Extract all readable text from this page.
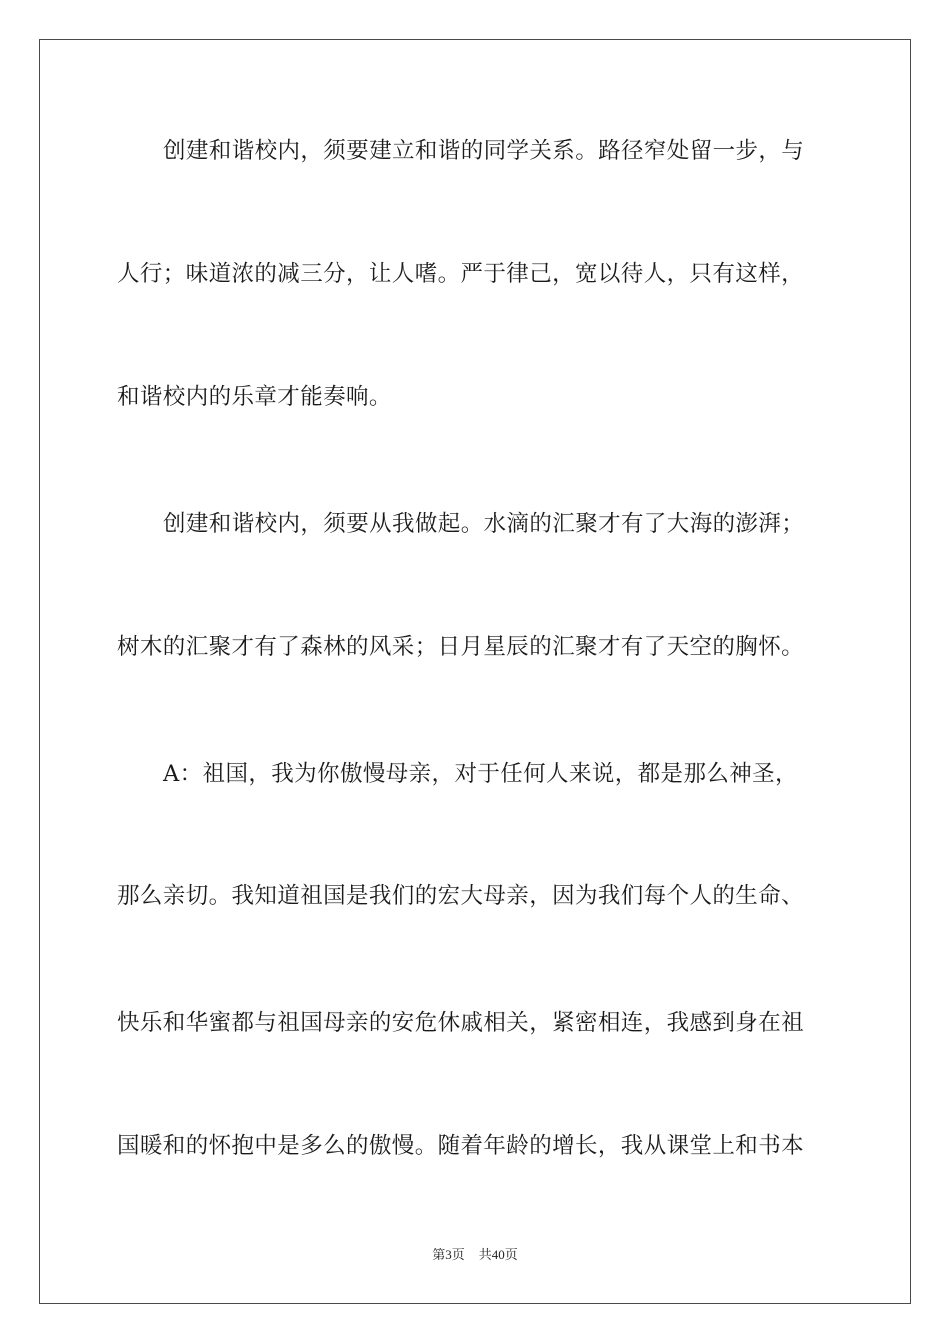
创建和谐校内，须要建立和谐的同学关系。路径窄处留一步，与
人行；味道浓的减三分，让人嗜。严于律己，宽以待人，只有这样，
和谐校内的乐章才能奏响。
创建和谐校内，须要从我做起。水滴的汇聚才有了大海的澎湃；
树木的汇聚才有了森林的风采；日月星辰的汇聚才有了天空的胸怀。
A：祖国，我为你傲慢母亲，对于任何人来说，都是那么神圣，
那么亲切。我知道祖国是我们的宏大母亲，因为我们每个人的生命、
快乐和华蜜都与祖国母亲的安危休戚相关，紧密相连，我感到身在祖
国暖和的怀抱中是多么的傲慢。随着年龄的增长，我从课堂上和书本
第3页 共40页
